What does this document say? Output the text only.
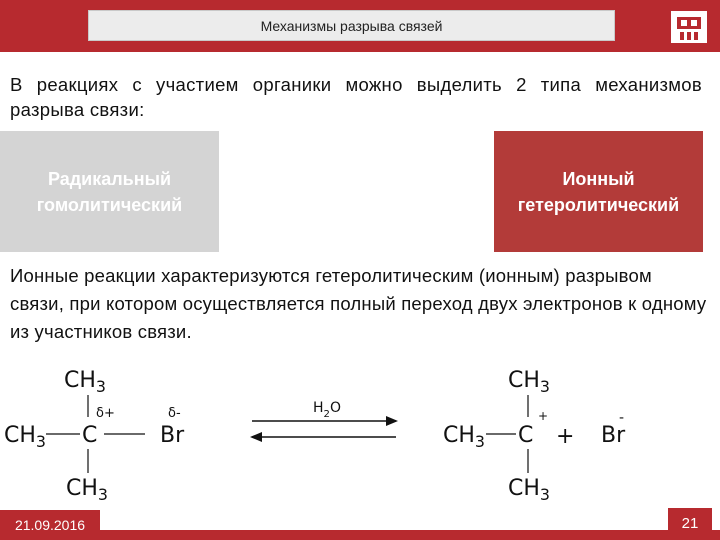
Механизмы разрыва связей
В реакциях с участием органики можно выделить 2 типа механизмов разрыва связи:
Радикальный
гомолитический
Ионный
гетеролитический
Ионные реакции характеризуются гетеролитическим (ионным) разрывом связи, при котором осуществляется полный переход двух электронов к одному из участников связи.
$CH_3$
$CH_3$ C
δ+	δ-
Br
$CH_3$
$H_2O$
$CH_3$
$CH_3$ C
+
+ Br
-
$CH_3$
21.09.2016	21
